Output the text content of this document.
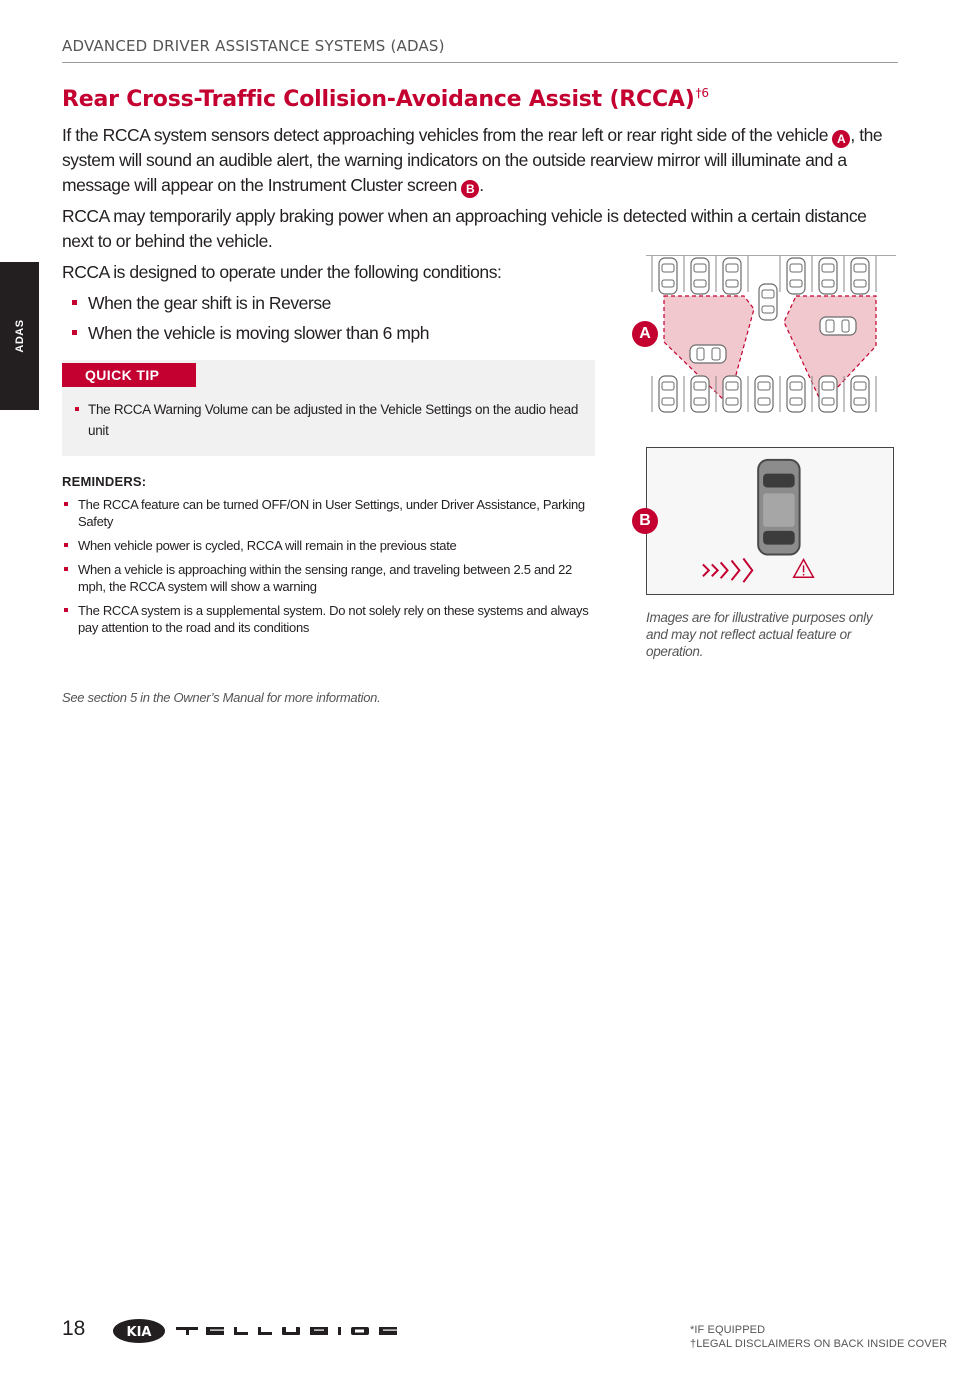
ADVANCED DRIVER ASSISTANCE SYSTEMS (ADAS)
ADAS
Rear Cross-Traffic Collision-Avoidance Assist (RCCA)$^{\dagger 6}$

If the RCCA system sensors detect approaching vehicles from the rear left or rear right side of the vehicle A , the system will sound an audible alert, the warning indicators on the outside rearview mirror will illuminate and a message will appear on the Instrument Cluster screen B .

RCCA may temporarily apply braking power when an approaching vehicle is detected within a certain distance next to or behind the vehicle.

RCCA is designed to operate under the following conditions:

When the gear shift is in Reverse
When the vehicle is moving slower than 6 mph
QUICK TIP
The RCCA Warning Volume can be adjusted in the Vehicle Settings on the audio head unit
REMINDERS:
The RCCA feature can be turned OFF/ON in User Settings, under Driver Assistance, Parking Safety
When vehicle power is cycled, RCCA will remain in the previous state
When a vehicle is approaching within the sensing range, and traveling between 2.5 and 22 mph, the RCCA system will show a warning
The RCCA system is a supplemental system. Do not solely rely on these systems and always pay attention to the road and its conditions
See section 5 in the Owner’s Manual for more information.
A
B
Images are for illustrative purposes only and may not reflect actual feature or operation.
18	KIA	*IF EQUIPPED
†LEGAL DISCLAIMERS ON BACK INSIDE COVER
